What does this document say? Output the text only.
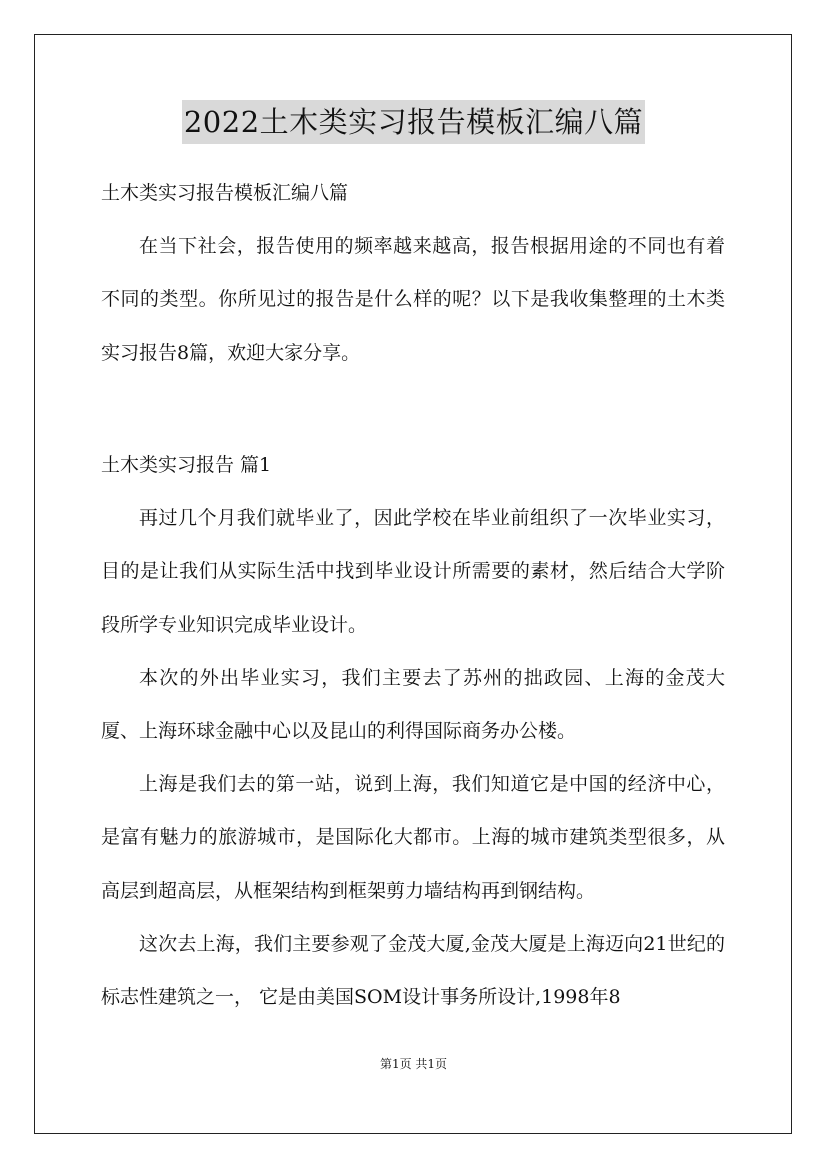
2022土木类实习报告模板汇编八篇
土木类实习报告模板汇编八篇

在当下社会，报告使用的频率越来越高，报告根据用途的不同也有着不同的类型。你所见过的报告是什么样的呢？以下是我收集整理的土木类实习报告8篇，欢迎大家分享。

土木类实习报告 篇1

再过几个月我们就毕业了，因此学校在毕业前组织了一次毕业实习，目的是让我们从实际生活中找到毕业设计所需要的素材，然后结合大学阶段所学专业知识完成毕业设计。

本次的外出毕业实习，我们主要去了苏州的拙政园、上海的金茂大厦、上海环球金融中心以及昆山的利得国际商务办公楼。

上海是我们去的第一站，说到上海，我们知道它是中国的经济中心，是富有魅力的旅游城市，是国际化大都市。上海的城市建筑类型很多，从高层到超高层，从框架结构到框架剪力墙结构再到钢结构。

这次去上海，我们主要参观了金茂大厦,金茂大厦是上海迈向21世纪的标志性建筑之一， 它是由美国SOM设计事务所设计,1998年8

第1页 共1页
